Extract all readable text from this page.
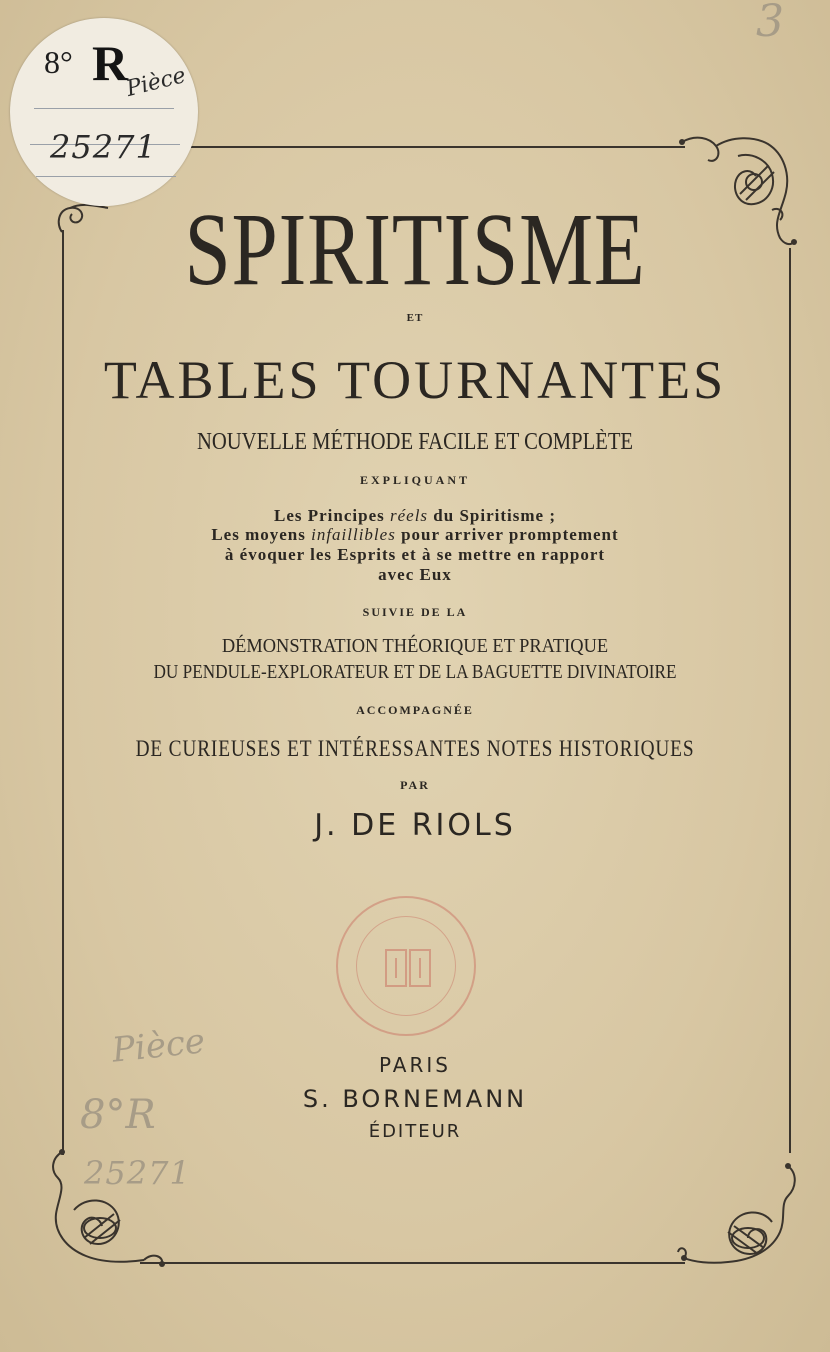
8° R
Pièce
25271
3
SPIRITISME
ET
TABLES TOURNANTES
NOUVELLE MÉTHODE FACILE ET COMPLÈTE
EXPLIQUANT
Les Principes réels du Spiritisme ;
Les moyens infaillibles pour arriver promptement
à évoquer les Esprits et à se mettre en rapport
avec Eux
SUIVIE DE LA
DÉMONSTRATION THÉORIQUE ET PRATIQUE
DU PENDULE-EXPLORATEUR ET DE LA BAGUETTE DIVINATOIRE
ACCOMPAGNÉE
DE CURIEUSES ET INTÉRESSANTES NOTES HISTORIQUES
PAR
J. DE RIOLS
PARIS
S. BORNEMANN
ÉDITEUR
Pièce
8°R
25271
